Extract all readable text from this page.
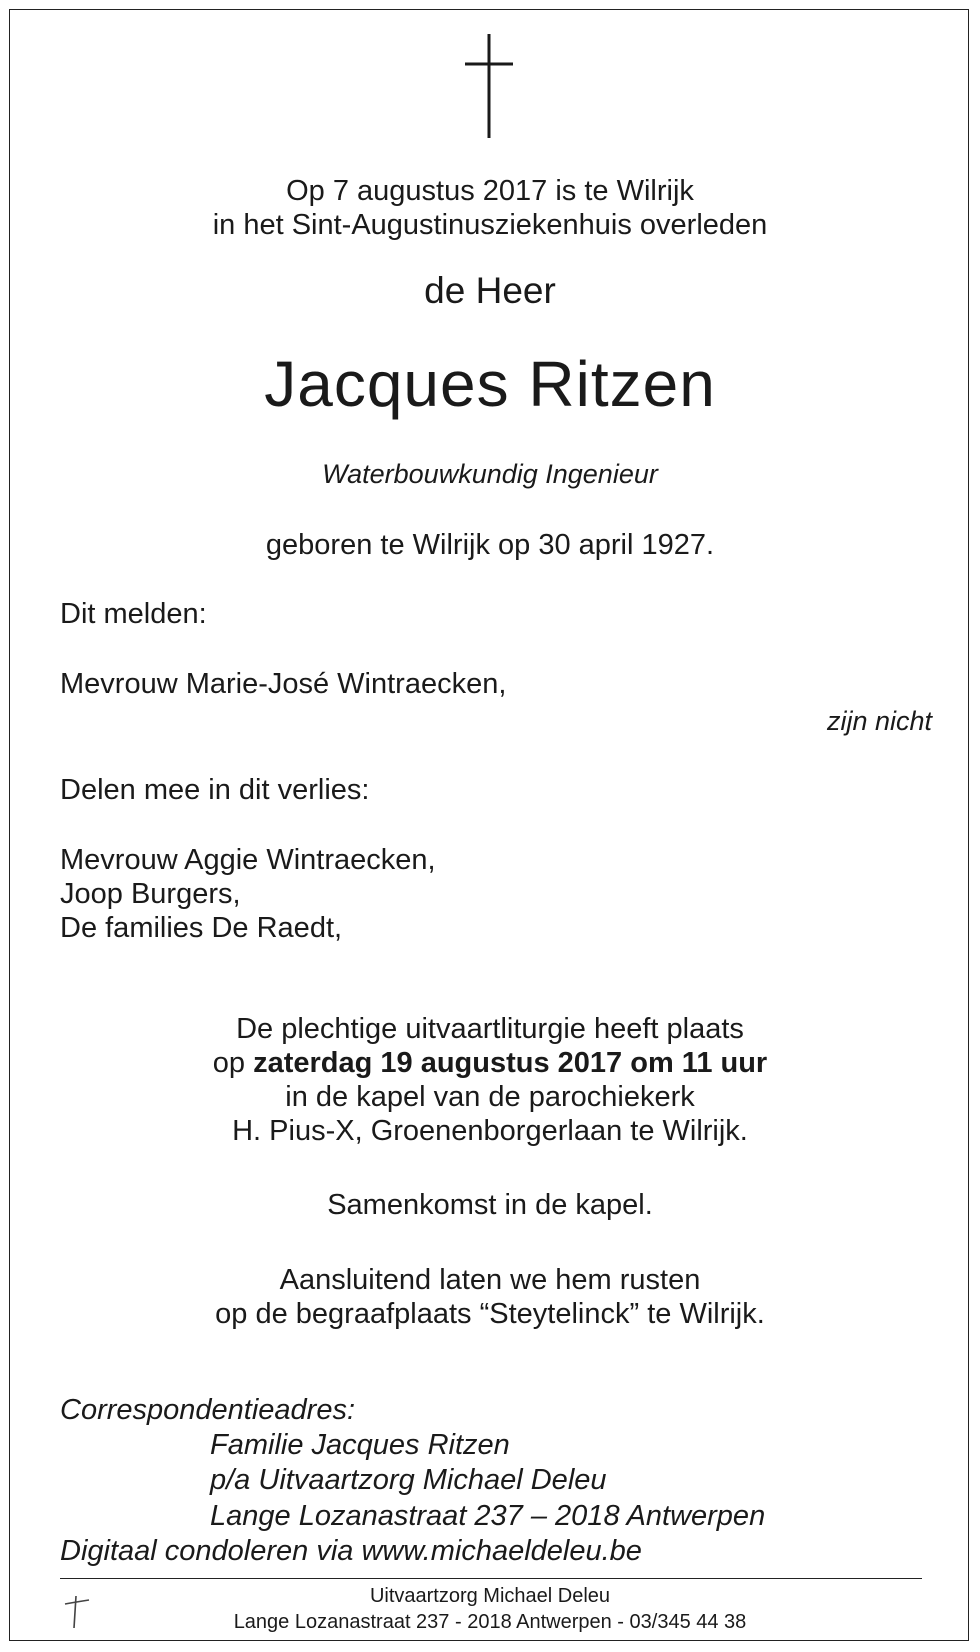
Op 7 augustus 2017 is te Wilrijk
in het Sint-Augustinusziekenhuis overleden
de Heer
Jacques Ritzen
Waterbouwkundig Ingenieur
geboren te Wilrijk op 30 april 1927.
Dit melden:
Mevrouw Marie-José Wintraecken,
zijn nicht
Delen mee in dit verlies:
Mevrouw Aggie Wintraecken,
Joop Burgers,
De families De Raedt,
De plechtige uitvaartliturgie heeft plaats
op zaterdag 19 augustus 2017 om 11 uur
in de kapel van de parochiekerk
H. Pius-X, Groenenborgerlaan te Wilrijk.
Samenkomst in de kapel.
Aansluitend laten we hem rusten
op de begraafplaats “Steytelinck” te Wilrijk.
Correspondentieadres:
Familie Jacques Ritzen
p/a Uitvaartzorg Michael Deleu
Lange Lozanastraat 237 – 2018 Antwerpen
Digitaal condoleren via www.michaeldeleu.be
Uitvaartzorg Michael Deleu
Lange Lozanastraat 237 - 2018 Antwerpen - 03/345 44 38
